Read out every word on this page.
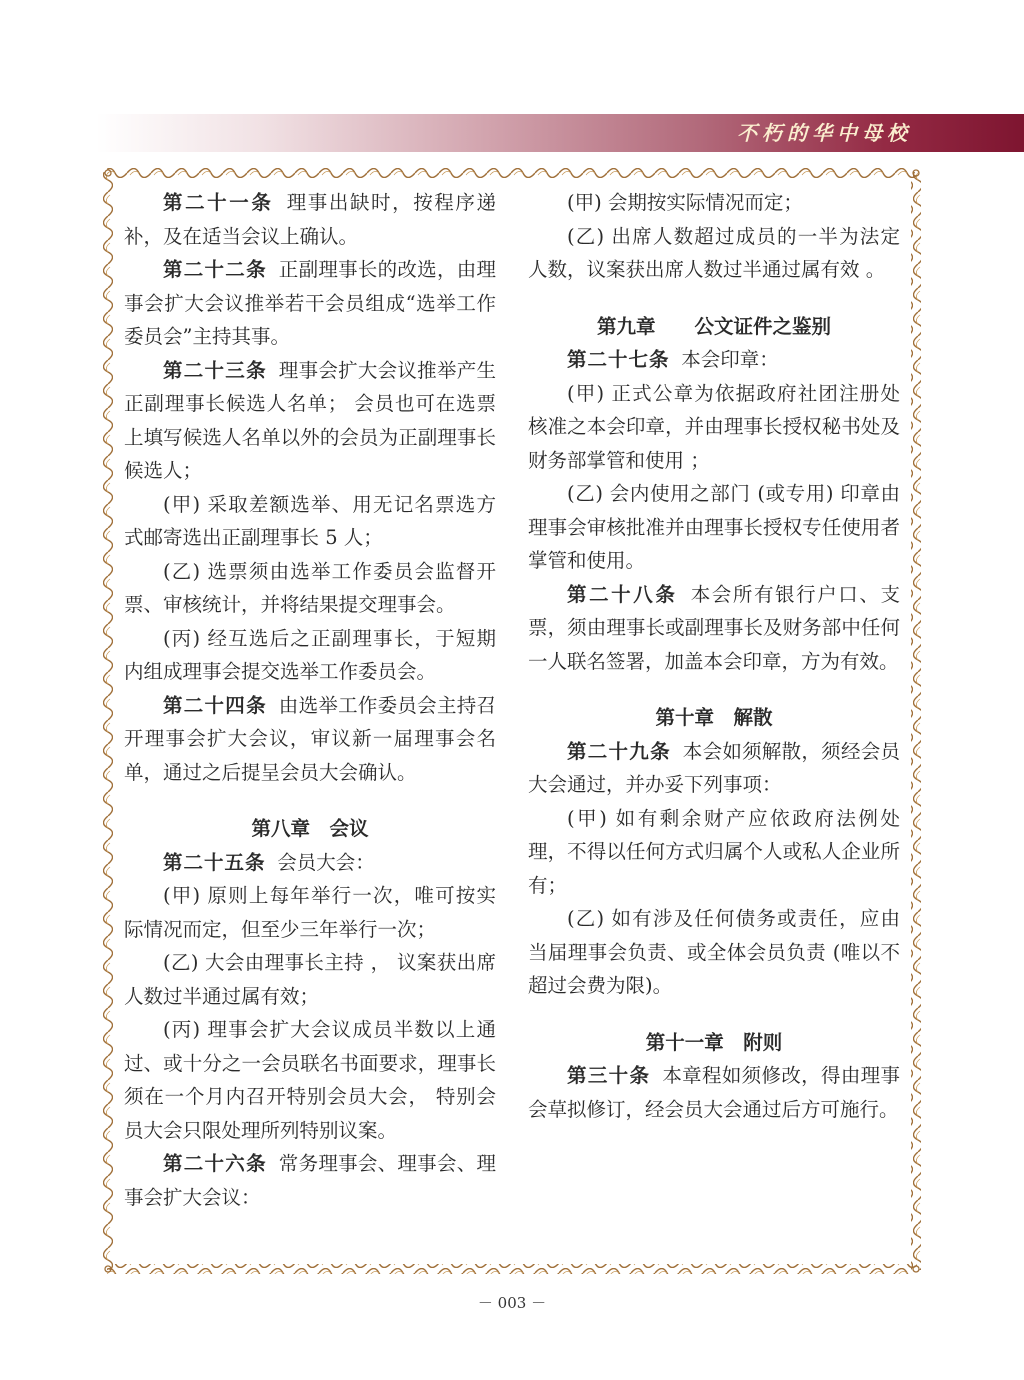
不朽的华中母校

第二十一条 理事出缺时，按程序递补，及在适当会议上确认。

第二十二条 正副理事长的改选，由理事会扩大会议推举若干会员组成“选举工作委员会”主持其事。

第二十三条 理事会扩大会议推举产生正副理事长候选人名单； 会员也可在选票上填写候选人名单以外的会员为正副理事长候选人；

(甲) 采取差额选举、用无记名票选方式邮寄选出正副理事长 5 人；

(乙) 选票须由选举工作委员会监督开票、审核统计，并将结果提交理事会。

(丙) 经互选后之正副理事长，于短期内组成理事会提交选举工作委员会。

第二十四条 由选举工作委员会主持召开理事会扩大会议，审议新一届理事会名单，通过之后提呈会员大会确认。

第八章　会议

第二十五条 会员大会：

(甲) 原则上每年举行一次，唯可按实际情况而定，但至少三年举行一次；

(乙) 大会由理事长主持 ， 议案获出席人数过半通过属有效；

(丙) 理事会扩大会议成员半数以上通过、或十分之一会员联名书面要求，理事长须在一个月内召开特别会员大会， 特别会员大会只限处理所列特别议案。

第二十六条 常务理事会、理事会、理事会扩大会议：

(甲) 会期按实际情况而定；

(乙) 出席人数超过成员的一半为法定人数，议案获出席人数过半通过属有效 。

第九章　　公文证件之鉴别

第二十七条 本会印章：

(甲) 正式公章为依据政府社团注册处核准之本会印章，并由理事长授权秘书处及财务部掌管和使用 ；

(乙) 会内使用之部门 (或专用) 印章由理事会审核批准并由理事长授权专任使用者掌管和使用。

第二十八条 本会所有银行户口、支票，须由理事长或副理事长及财务部中任何一人联名签署，加盖本会印章，方为有效。

第十章　解散

第二十九条 本会如须解散，须经会员大会通过，并办妥下列事项：

(甲) 如有剩余财产应依政府法例处理，不得以任何方式归属个人或私人企业所有；

(乙) 如有涉及任何债务或责任，应由当届理事会负责、或全体会员负责 (唯以不超过会费为限)。

第十一章　附则

第三十条 本章程如须修改，得由理事会草拟修订，经会员大会通过后方可施行。

－ 003 －
